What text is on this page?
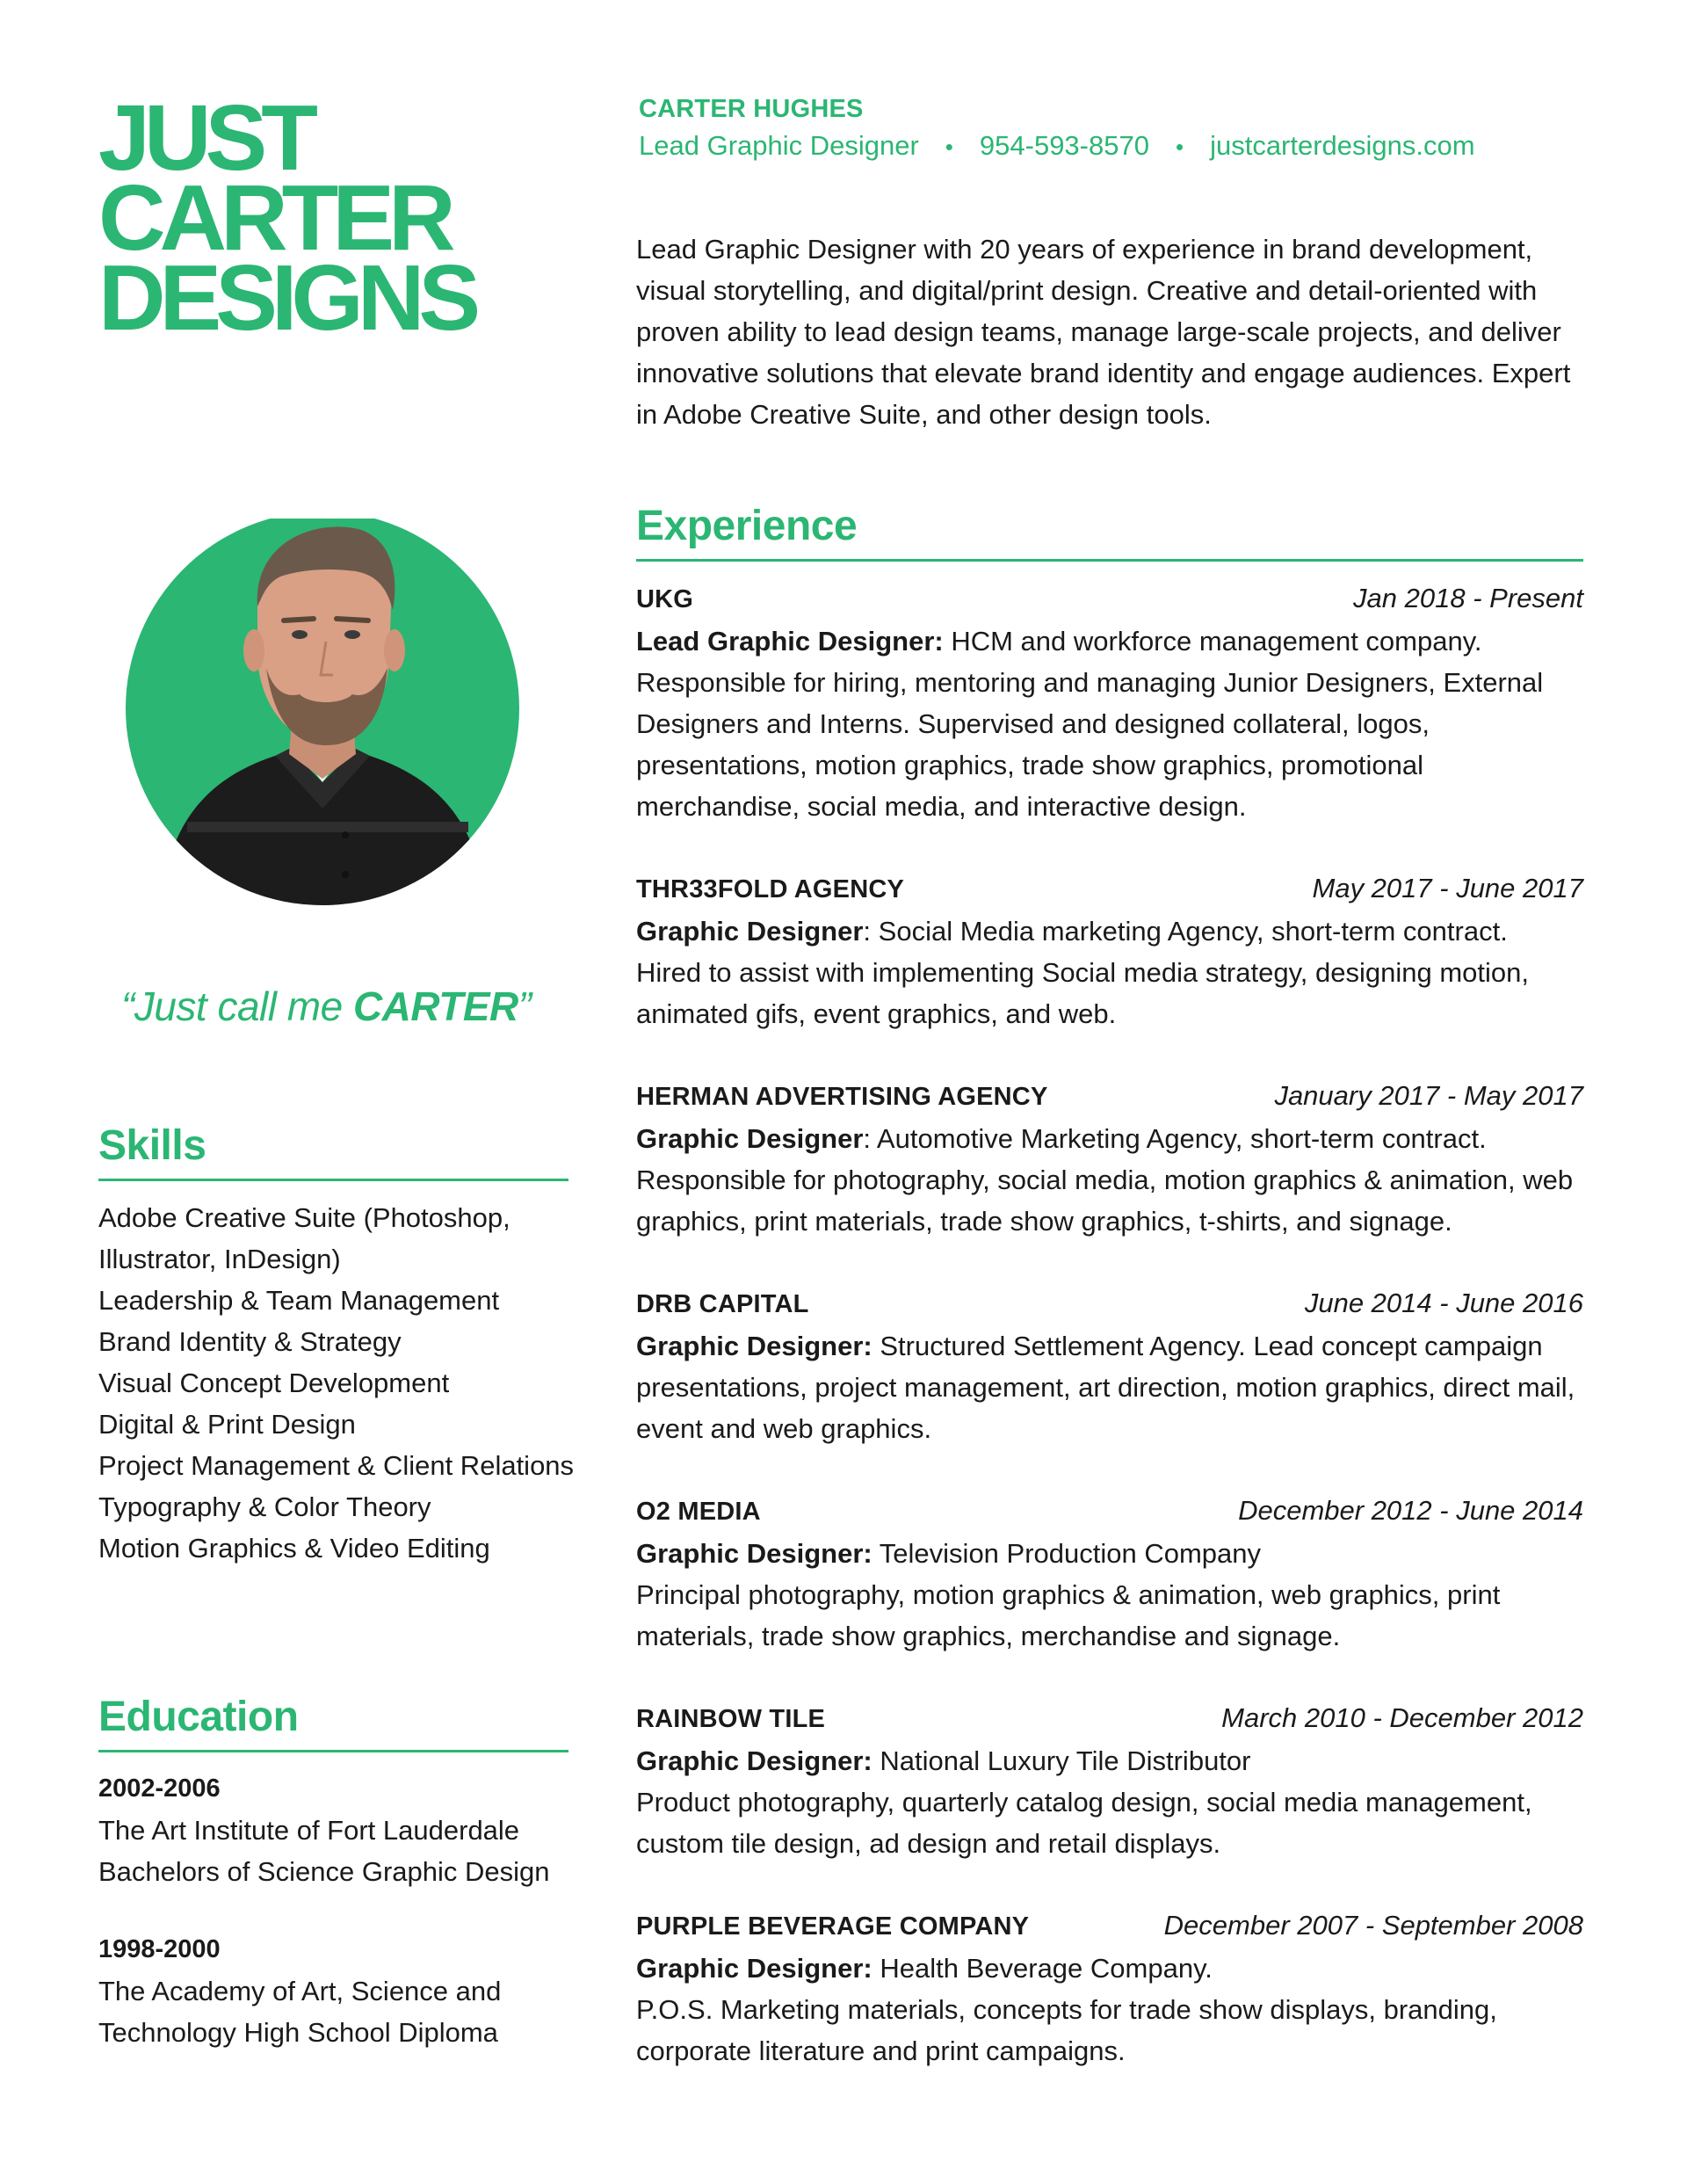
JUST
CARTER
DESIGNS
CARTER HUGHES
Lead Graphic Designer • 954-593-8570 • justcarterdesigns.com
Lead Graphic Designer with 20 years of experience in brand development, visual storytelling, and digital/print design. Creative and detail-oriented with proven ability to lead design teams, manage large-scale projects, and deliver innovative solutions that elevate brand identity and engage audiences. Expert in Adobe Creative Suite, and other design tools.
“Just call me CARTER”
Skills
Adobe Creative Suite (Photoshop,
Illustrator, InDesign)
Leadership & Team Management
Brand Identity & Strategy
Visual Concept Development
Digital & Print Design
Project Management & Client Relations
Typography & Color Theory
Motion Graphics & Video Editing
Education
2002-2006
The Art Institute of Fort Lauderdale
Bachelors of Science Graphic Design
1998-2000
The Academy of Art, Science and
Technology High School Diploma
Experience
UKG	Jan 2018 - Present
Lead Graphic Designer: HCM and workforce management company.
Responsible for hiring, mentoring and managing Junior Designers, External Designers and Interns. Supervised and designed collateral, logos, presentations, motion graphics, trade show graphics, promotional merchandise, social media, and interactive design.
THR33FOLD AGENCY	May 2017 - June 2017
Graphic Designer: Social Media marketing Agency, short-term contract.
Hired to assist with implementing Social media strategy, designing motion, animated gifs, event graphics, and web.
HERMAN ADVERTISING AGENCY	January 2017 - May 2017
Graphic Designer: Automotive Marketing Agency, short-term contract.
Responsible for photography, social media, motion graphics & animation, web graphics, print materials, trade show graphics, t-shirts, and signage.
DRB CAPITAL	June 2014 - June 2016
Graphic Designer: Structured Settlement Agency. Lead concept campaign presentations, project management, art direction, motion graphics, direct mail, event and web graphics.
O2 MEDIA	December 2012 - June 2014
Graphic Designer: Television Production Company
Principal photography, motion graphics & animation, web graphics, print materials, trade show graphics, merchandise and signage.
RAINBOW TILE	March 2010 - December 2012
Graphic Designer: National Luxury Tile Distributor
Product photography, quarterly catalog design, social media management, custom tile design, ad design and retail displays.
PURPLE BEVERAGE COMPANY	December 2007 - September 2008
Graphic Designer: Health Beverage Company.
P.O.S. Marketing materials, concepts for trade show displays, branding, corporate literature and print campaigns.
